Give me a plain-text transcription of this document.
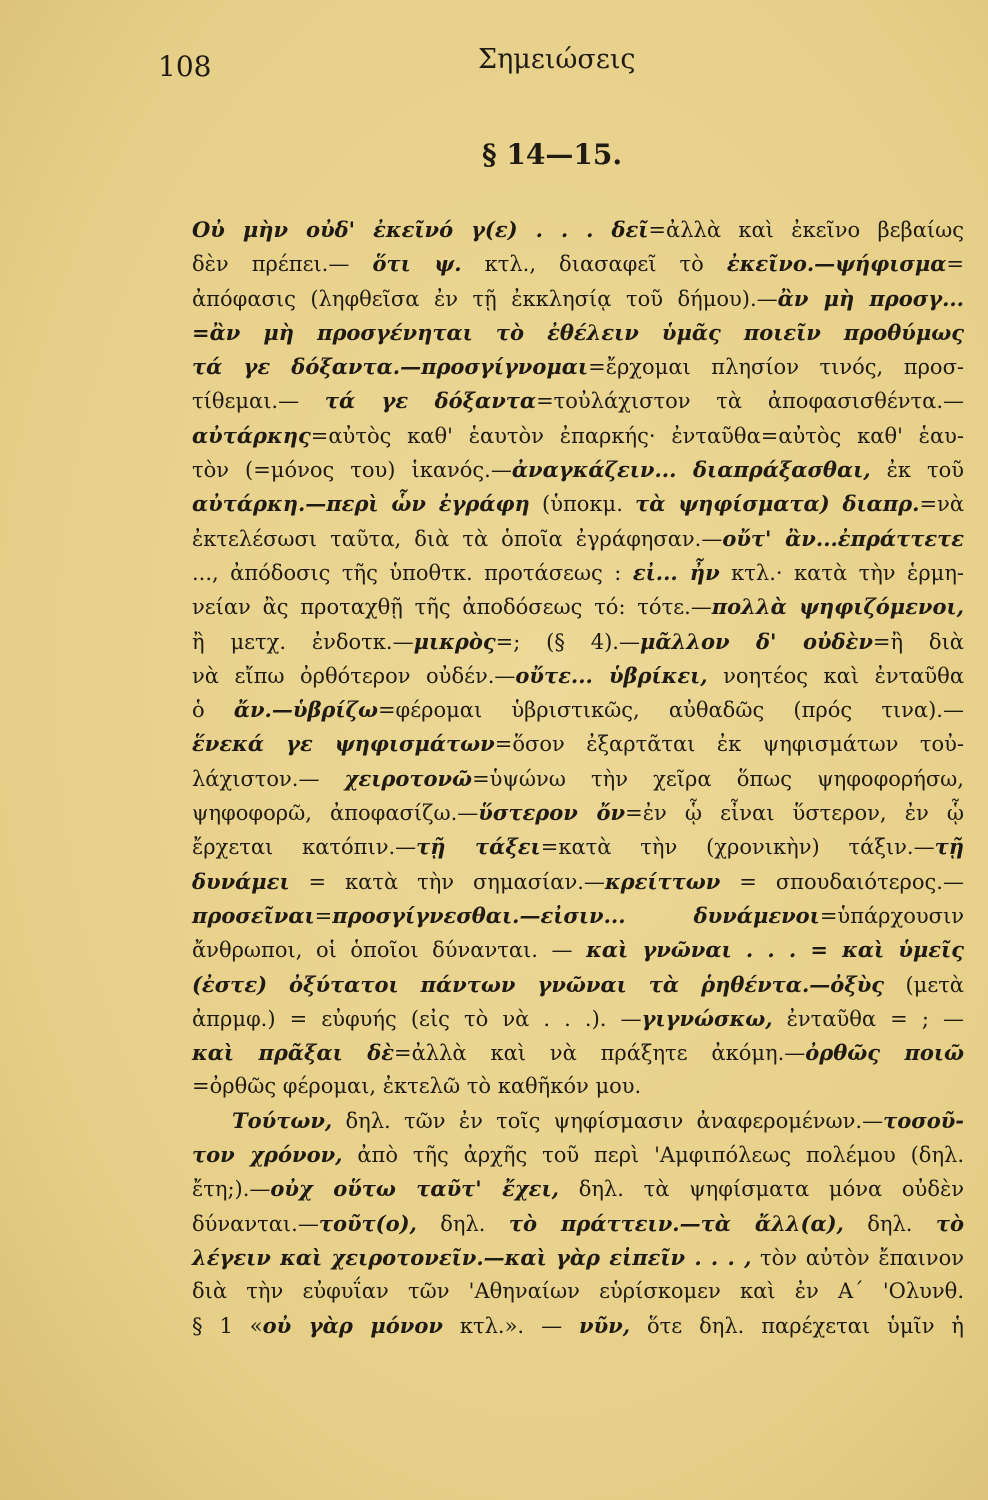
108	Σημειώσεις
§ 14—15.
Οὐ μὴν οὐδ' ἐκεῖνό γ(ε) . . . δεῖ=ἀλλὰ καὶ ἐκεῖνο βεβαίως
δὲν πρέπει.— ὅτι ψ. κτλ., διασαφεῖ τὸ ἐκεῖνο.—ψήφισμα=
ἀπόφασις (ληφθεῖσα ἐν τῇ ἐκκλησίᾳ τοῦ δήμου).—ἂν μὴ προσγ...
=ἂν μὴ προσγένηται τὸ ἐθέλειν ὑμᾶς ποιεῖν προθύμως
τά γε δόξαντα.—προσγίγνομαι=ἔρχομαι πλησίον τινός, προσ-
τίθεμαι.— τά γε δόξαντα=τοὐλάχιστον τὰ ἀποφασισθέντα.—
αὐτάρκης=αὐτὸς καθ' ἑαυτὸν ἐπαρκής· ἐνταῦθα=αὐτὸς καθ' ἑαυ-
τὸν (=μόνος του) ἱκανός.—ἀναγκάζειν... διαπράξασθαι, ἐκ τοῦ
αὐτάρκη.—περὶ ὧν ἐγράφη (ὑποκμ. τὰ ψηφίσματα) διαπρ.=νὰ
ἐκτελέσωσι ταῦτα, διὰ τὰ ὁποῖα ἐγράφησαν.—οὔτ' ἂν...ἐπράττετε
..., ἀπόδοσις τῆς ὑποθτκ. προτάσεως : εἰ... ἦν κτλ.· κατὰ τὴν ἑρμη-
νείαν ἂς προταχθῇ τῆς ἀποδόσεως τό: τότε.—πολλὰ ψηφιζόμενοι,
ἢ μετχ. ἐνδοτκ.—μικρὸς=; (§ 4).—μᾶλλον δ' οὐδὲν=ἢ διὰ
νὰ εἴπω ὀρθότερον οὐδέν.—οὔτε... ὑβρίκει, νοητέος καὶ ἐνταῦθα
ὁ ἄν.—ὑβρίζω=φέρομαι ὑβριστικῶς, αὐθαδῶς (πρός τινα).—
ἕνεκά γε ψηφισμάτων=ὅσον ἐξαρτᾶται ἐκ ψηφισμάτων τοὐ-
λάχιστον.— χειροτονῶ=ὑψώνω τὴν χεῖρα ὅπως ψηφοφορήσω,
ψηφοφορῶ, ἀποφασίζω.—ὕστερον ὄν=ἐν ᾧ εἶναι ὕστερον, ἐν ᾧ
ἔρχεται κατόπιν.—τῇ τάξει=κατὰ τὴν (χρονικὴν) τάξιν.—τῇ
δυνάμει = κατὰ τὴν σημασίαν.—κρείττων = σπουδαιότερος.—
προσεῖναι=προσγίγνεσθαι.—εἰσιν... δυνάμενοι=ὑπάρχουσιν
ἄνθρωποι, οἱ ὁποῖοι δύνανται. — καὶ γνῶναι . . . = καὶ ὑμεῖς
(ἐστε) ὀξύτατοι πάντων γνῶναι τὰ ῥηθέντα.—ὀξὺς (μετὰ
ἀπρμφ.) = εὐφυής (εἰς τὸ νὰ . . .). —γιγνώσκω, ἐνταῦθα = ; —
καὶ πρᾶξαι δὲ=ἀλλὰ καὶ νὰ πράξητε ἀκόμη.—ὀρθῶς ποιῶ
=ὀρθῶς φέρομαι, ἐκτελῶ τὸ καθῆκόν μου.
Τούτων, δηλ. τῶν ἐν τοῖς ψηφίσμασιν ἀναφερομένων.—τοσοῦ-
τον χρόνον, ἀπὸ τῆς ἀρχῆς τοῦ περὶ 'Αμφιπόλεως πολέμου (δηλ.
ἔτη;).—οὐχ οὕτω ταῦτ' ἔχει, δηλ. τὰ ψηφίσματα μόνα οὐδὲν
δύνανται.—τοῦτ(ο), δηλ. τὸ πράττειν.—τὰ ἄλλ(α), δηλ. τὸ
λέγειν καὶ χειροτονεῖν.—καὶ γὰρ εἰπεῖν . . . , τὸν αὐτὸν ἔπαινον
διὰ τὴν εὐφυΐαν τῶν 'Αθηναίων εὑρίσκομεν καὶ ἐν Α΄ 'Ολυνθ.
§ 1 «οὐ γὰρ μόνον κτλ.». — νῦν, ὅτε δηλ. παρέχεται ὑμῖν ἡ
